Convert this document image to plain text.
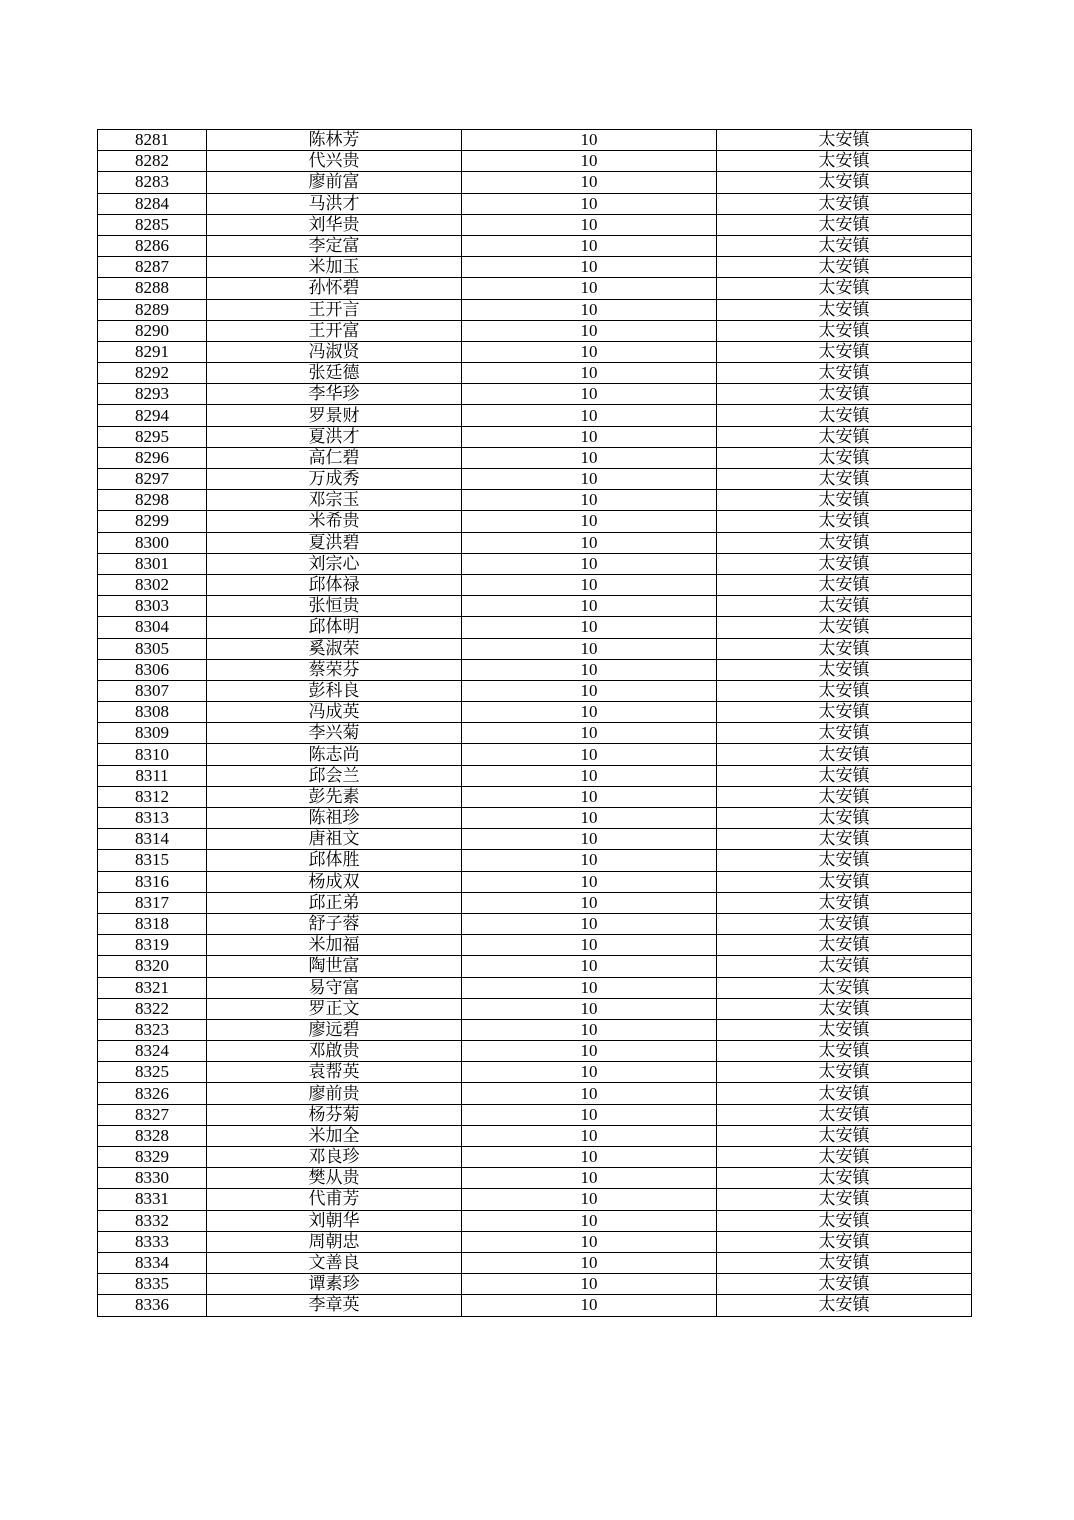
8281	陈林芳	10	太安镇
8282	代兴贵	10	太安镇
8283	廖前富	10	太安镇
8284	马洪才	10	太安镇
8285	刘华贵	10	太安镇
8286	李定富	10	太安镇
8287	米加玉	10	太安镇
8288	孙怀碧	10	太安镇
8289	王开言	10	太安镇
8290	王开富	10	太安镇
8291	冯淑贤	10	太安镇
8292	张廷德	10	太安镇
8293	李华珍	10	太安镇
8294	罗景财	10	太安镇
8295	夏洪才	10	太安镇
8296	高仁碧	10	太安镇
8297	万成秀	10	太安镇
8298	邓宗玉	10	太安镇
8299	米希贵	10	太安镇
8300	夏洪碧	10	太安镇
8301	刘宗心	10	太安镇
8302	邱体禄	10	太安镇
8303	张恒贵	10	太安镇
8304	邱体明	10	太安镇
8305	奚淑荣	10	太安镇
8306	蔡荣芬	10	太安镇
8307	彭科良	10	太安镇
8308	冯成英	10	太安镇
8309	李兴菊	10	太安镇
8310	陈志尚	10	太安镇
8311	邱会兰	10	太安镇
8312	彭先素	10	太安镇
8313	陈祖珍	10	太安镇
8314	唐祖文	10	太安镇
8315	邱体胜	10	太安镇
8316	杨成双	10	太安镇
8317	邱正弟	10	太安镇
8318	舒子蓉	10	太安镇
8319	米加福	10	太安镇
8320	陶世富	10	太安镇
8321	易守富	10	太安镇
8322	罗正文	10	太安镇
8323	廖远碧	10	太安镇
8324	邓啟贵	10	太安镇
8325	袁帮英	10	太安镇
8326	廖前贵	10	太安镇
8327	杨芬菊	10	太安镇
8328	米加全	10	太安镇
8329	邓良珍	10	太安镇
8330	樊从贵	10	太安镇
8331	代甫芳	10	太安镇
8332	刘朝华	10	太安镇
8333	周朝忠	10	太安镇
8334	文善良	10	太安镇
8335	谭素珍	10	太安镇
8336	李章英	10	太安镇
